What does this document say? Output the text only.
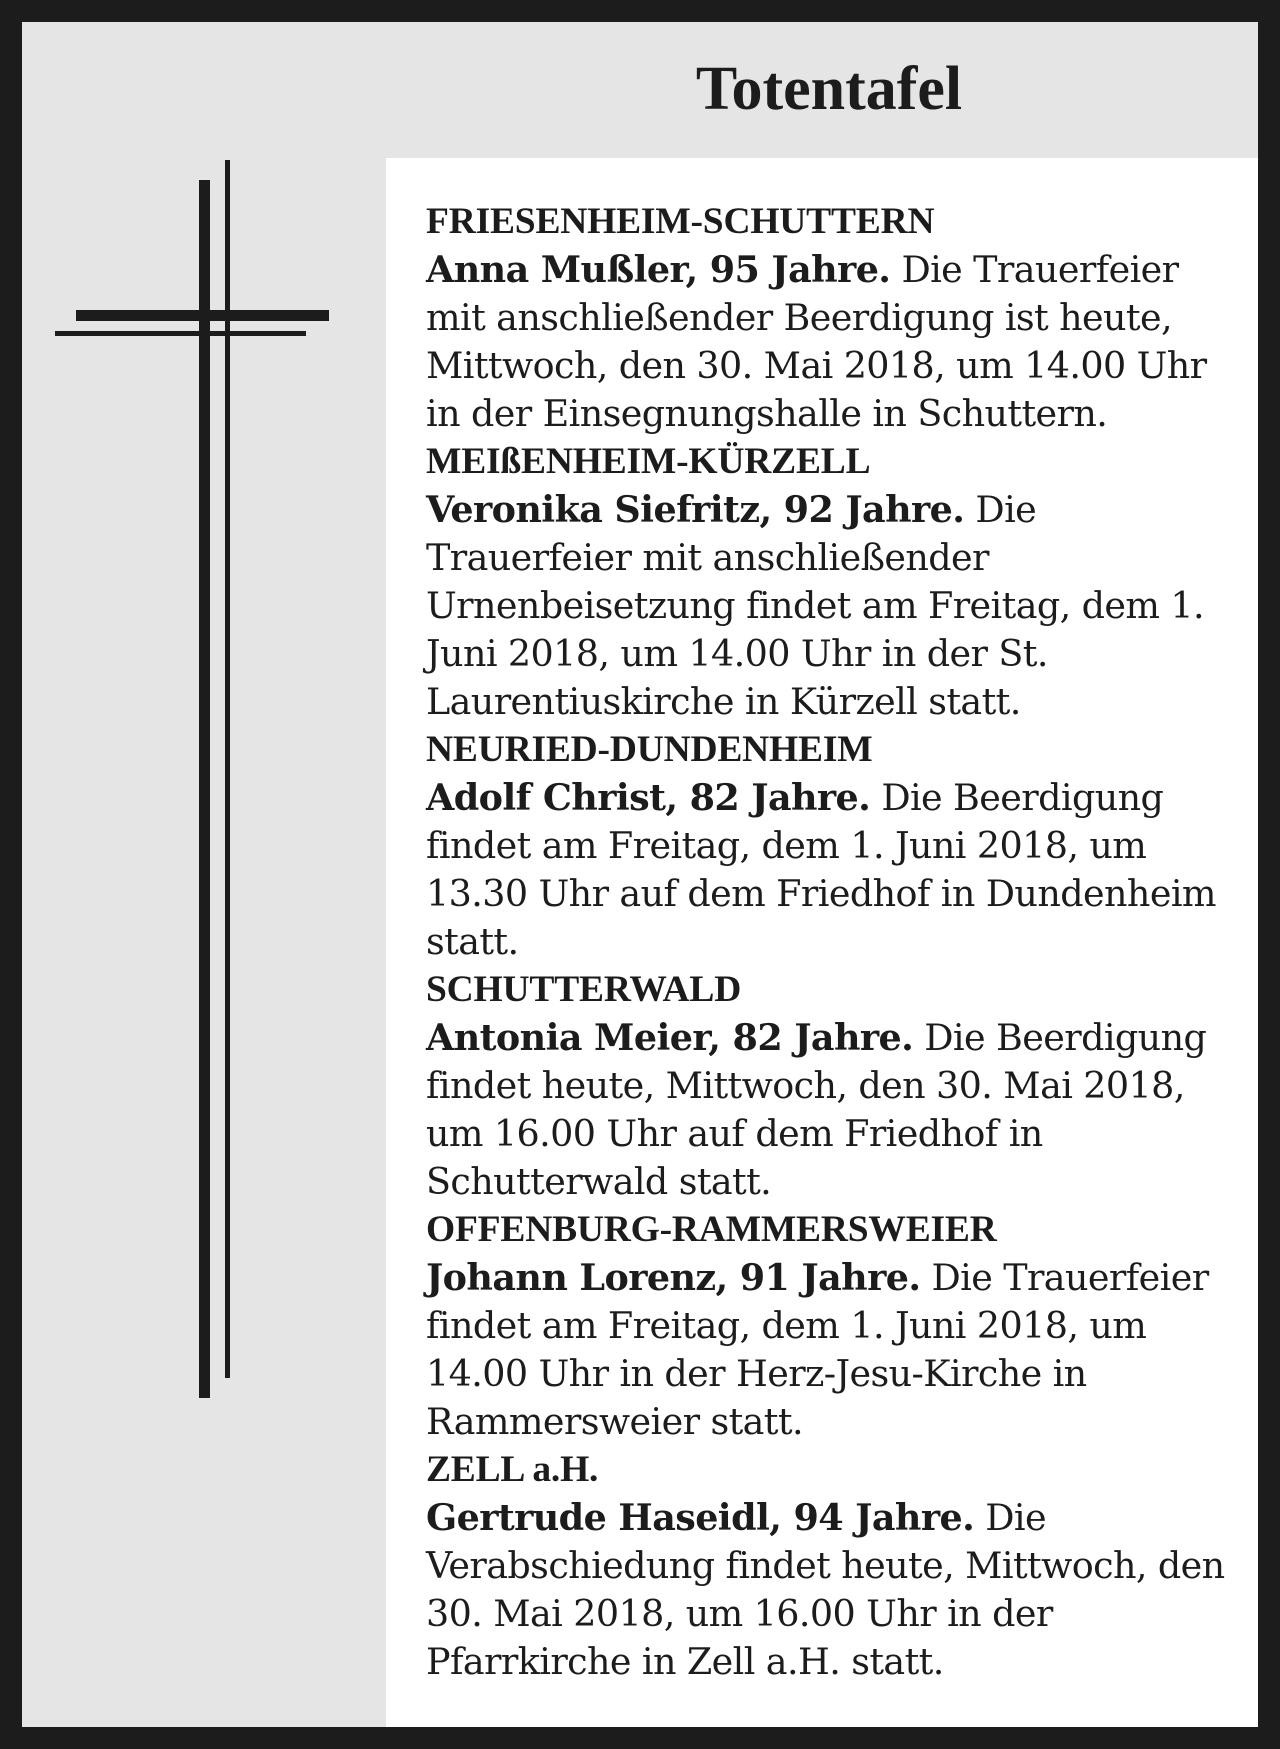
Totentafel
FRIESENHEIM-SCHUTTERN
Anna Mußler, 95 Jahre. Die Trauerfeier mit anschließender Beerdigung ist heute, Mittwoch, den 30. Mai 2018, um 14.00 Uhr in der Einsegnungshalle in Schuttern.
MEIßENHEIM-KÜRZELL
Veronika Siefritz, 92 Jahre. Die Trauerfeier mit anschließender Urnenbeisetzung findet am Freitag, dem 1. Juni 2018, um 14.00 Uhr in der St. Laurentiuskirche in Kürzell statt.
NEURIED-DUNDENHEIM
Adolf Christ, 82 Jahre. Die Beerdigung findet am Freitag, dem 1. Juni 2018, um 13.30 Uhr auf dem Friedhof in Dundenheim statt.
SCHUTTERWALD
Antonia Meier, 82 Jahre. Die Beerdigung findet heute, Mittwoch, den 30. Mai 2018, um 16.00 Uhr auf dem Friedhof in Schutterwald statt.
OFFENBURG-RAMMERSWEIER
Johann Lorenz, 91 Jahre. Die Trauerfeier findet am Freitag, dem 1. Juni 2018, um 14.00 Uhr in der Herz-Jesu-Kirche in Rammersweier statt.
ZELL a.H.
Gertrude Haseidl, 94 Jahre. Die Verabschiedung findet heute, Mittwoch, den 30. Mai 2018, um 16.00 Uhr in der Pfarrkirche in Zell a.H. statt.
